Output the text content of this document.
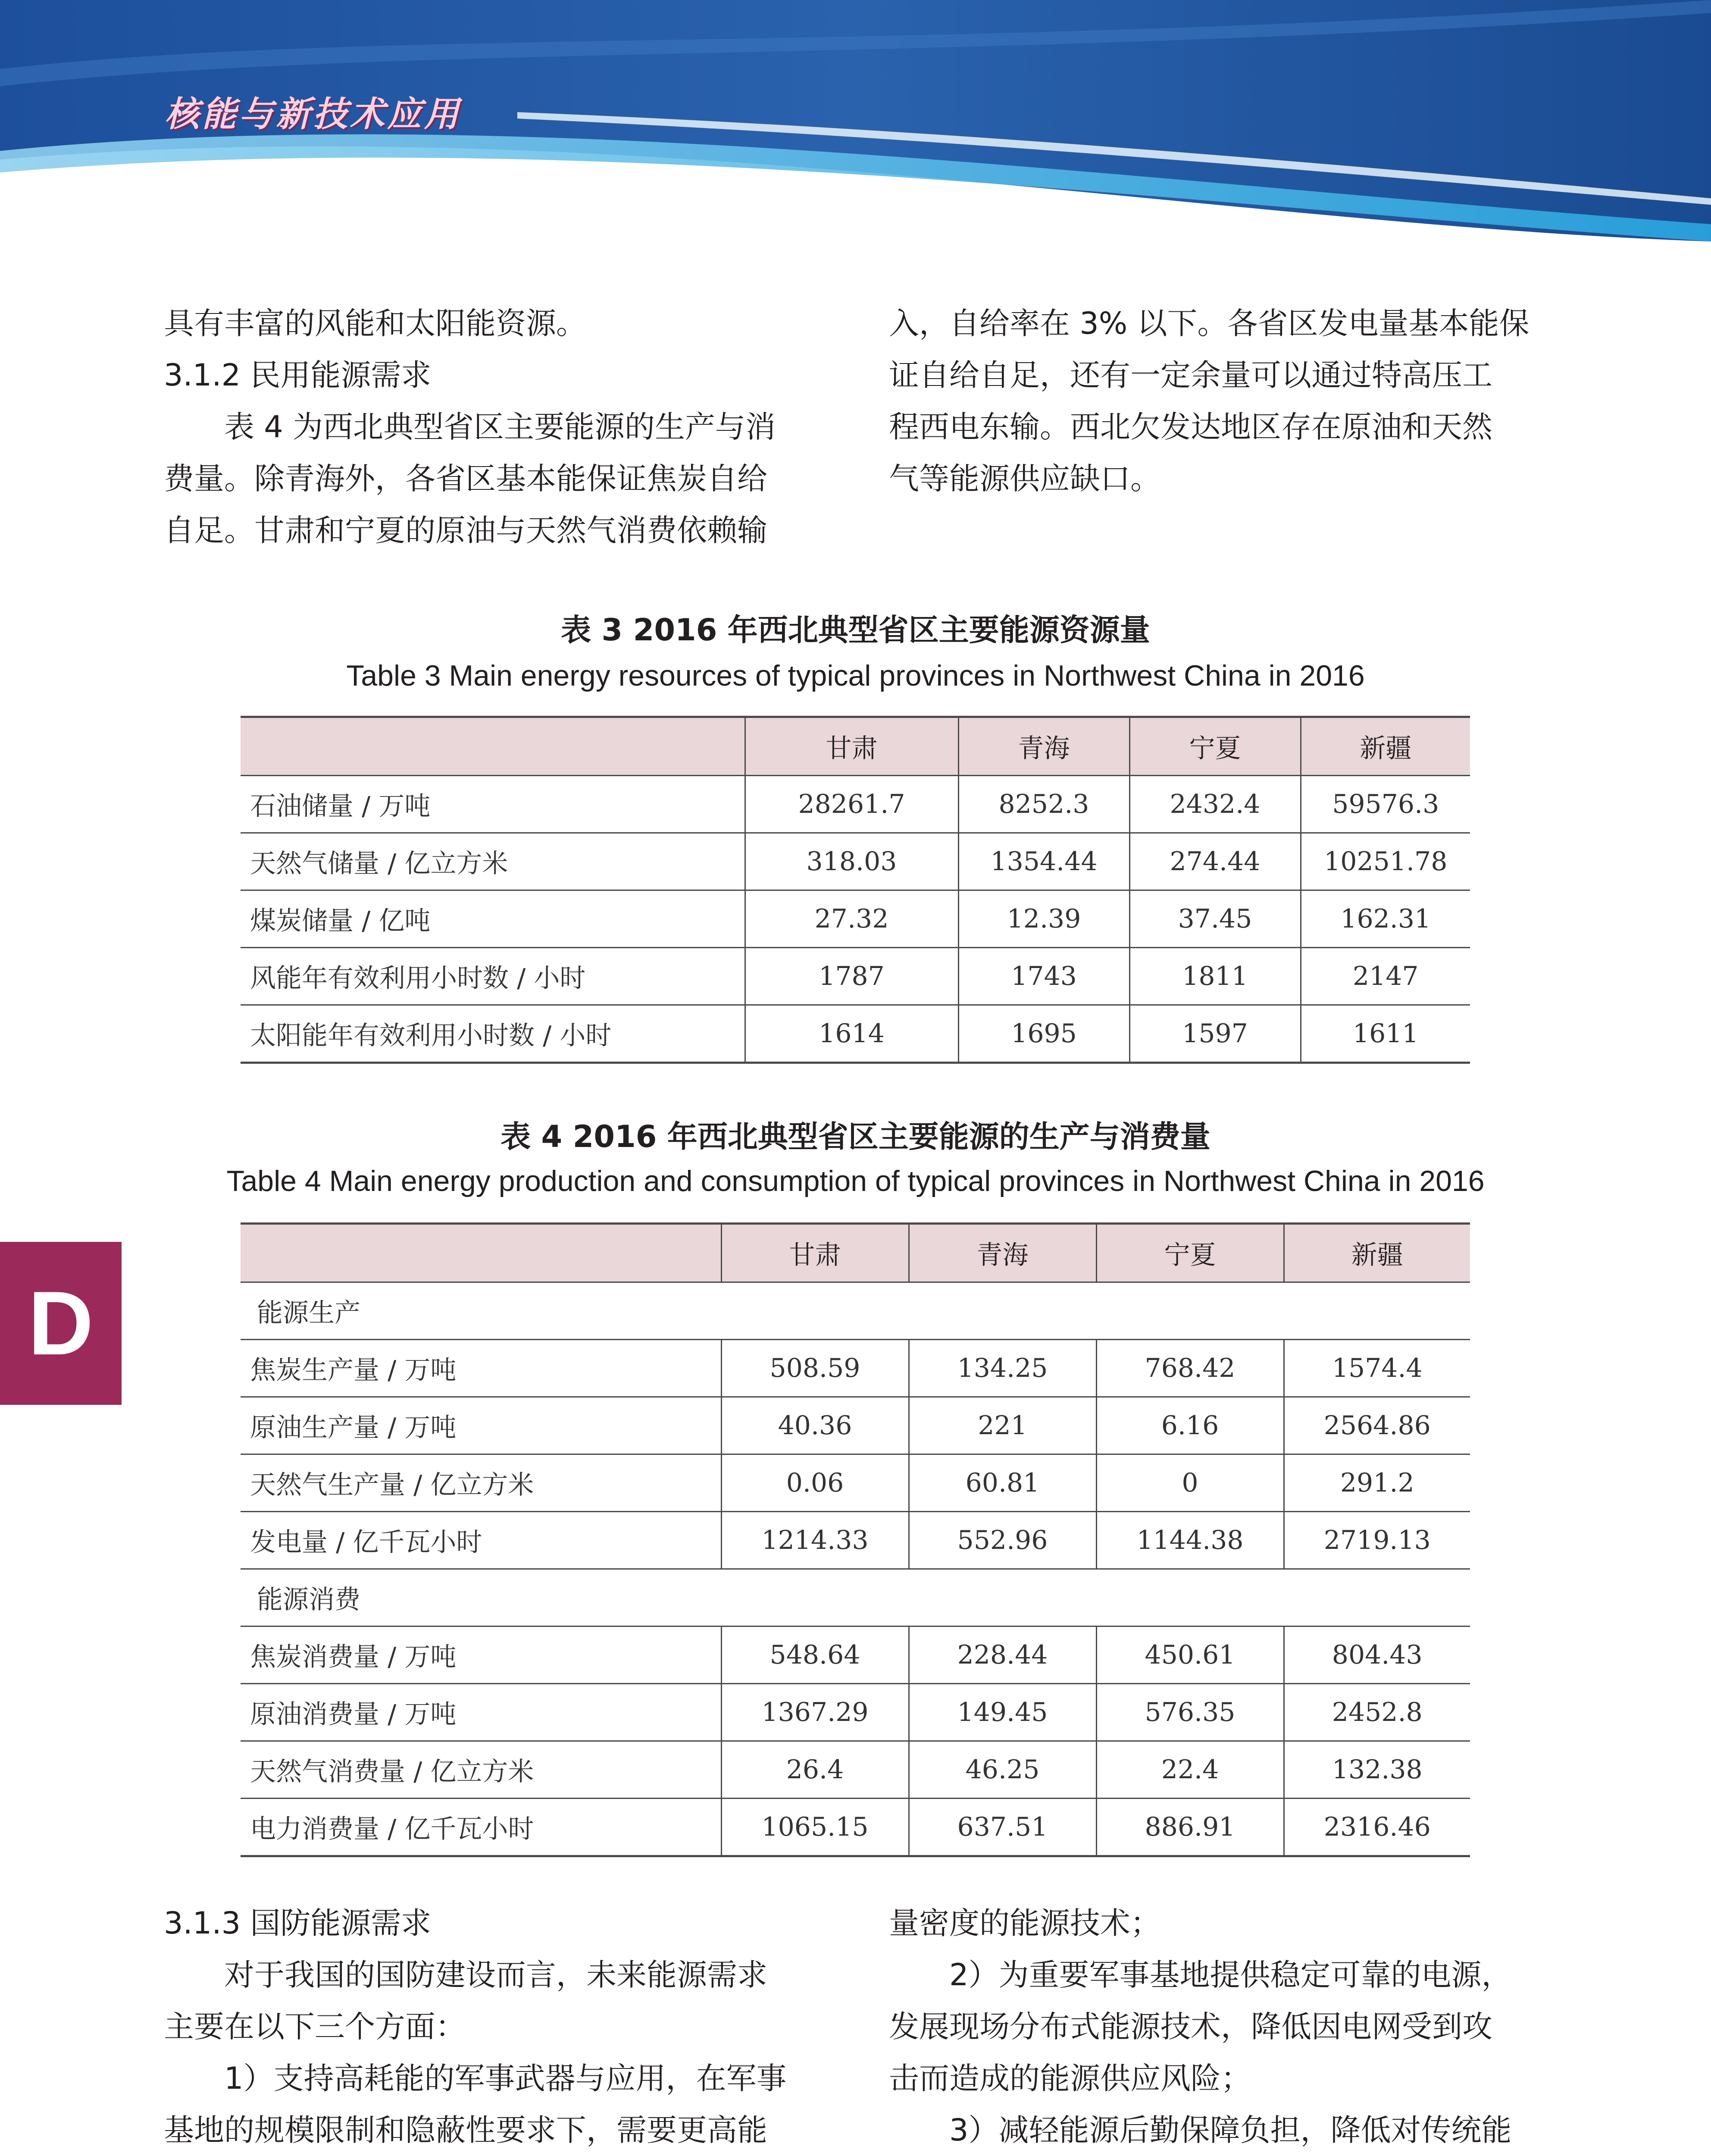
核能与新技术应用

具有丰富的风能和太阳能资源。

3.1.2 民用能源需求

表 4 为西北典型省区主要能源的生产与消

费量。除青海外，各省区基本能保证焦炭自给

自足。甘肃和宁夏的原油与天然气消费依赖输

入，自给率在 3% 以下。各省区发电量基本能保

证自给自足，还有一定余量可以通过特高压工

程西电东输。西北欠发达地区存在原油和天然

气等能源供应缺口。

表 3 2016 年西北典型省区主要能源资源量
Table 3 Main energy resources of typical provinces in Northwest China in 2016
	甘肃	青海	宁夏	新疆
石油储量 / 万吨	28261.7	8252.3	2432.4	59576.3
天然气储量 / 亿立方米	318.03	1354.44	274.44	10251.78
煤炭储量 / 亿吨	27.32	12.39	37.45	162.31
风能年有效利用小时数 / 小时	1787	1743	1811	2147
太阳能年有效利用小时数 / 小时	1614	1695	1597	1611
表 4 2016 年西北典型省区主要能源的生产与消费量
Table 4 Main energy production and consumption of typical provinces in Northwest China in 2016
	甘肃	青海	宁夏	新疆
能源生产				
焦炭生产量 / 万吨	508.59	134.25	768.42	1574.4
原油生产量 / 万吨	40.36	221	6.16	2564.86
天然气生产量 / 亿立方米	0.06	60.81	0	291.2
发电量 / 亿千瓦小时	1214.33	552.96	1144.38	2719.13
能源消费				
焦炭消费量 / 万吨	548.64	228.44	450.61	804.43
原油消费量 / 万吨	1367.29	149.45	576.35	2452.8
天然气消费量 / 亿立方米	26.4	46.25	22.4	132.38
电力消费量 / 亿千瓦小时	1065.15	637.51	886.91	2316.46
D

3.1.3 国防能源需求

对于我国的国防建设而言，未来能源需求

主要在以下三个方面：

1）支持高耗能的军事武器与应用，在军事

基地的规模限制和隐蔽性要求下，需要更高能

量密度的能源技术；

2）为重要军事基地提供稳定可靠的电源，

发展现场分布式能源技术，降低因电网受到攻

击而造成的能源供应风险；

3）减轻能源后勤保障负担，降低对传统能
